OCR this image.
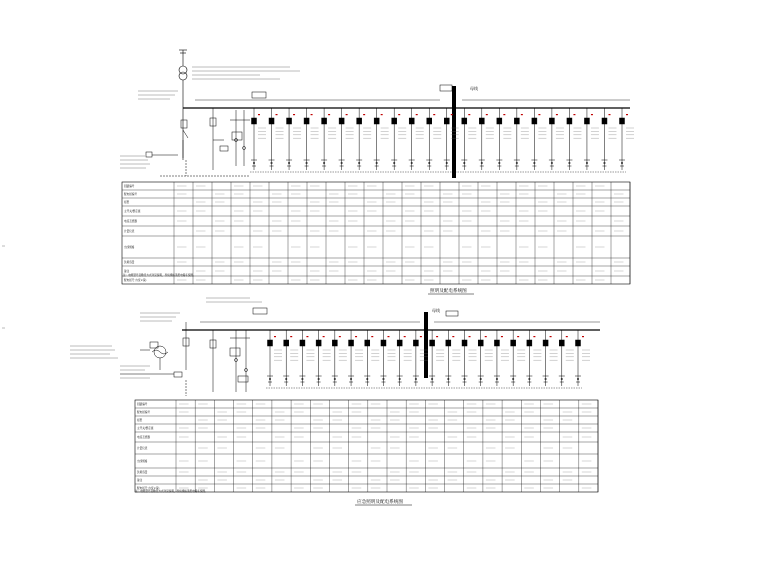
母线
回路编号
配电柜编号
柜型
主开关/整定值
电流互感器
计量仪表
出线规格
负载容量
备注
配电柜尺寸(宽×深)
注：电缆型号及敷设方式详见说明，导线规格见配电箱系统图。
照明及配电系统图
母线
回路编号
配电柜编号
柜型
主开关/整定值
电流互感器
计量仪表
出线规格
负载容量
备注
配电柜尺寸(宽×深)
注：电缆型号及敷设方式详见说明，导线规格见配电箱系统图。
应急照明及配电系统图
